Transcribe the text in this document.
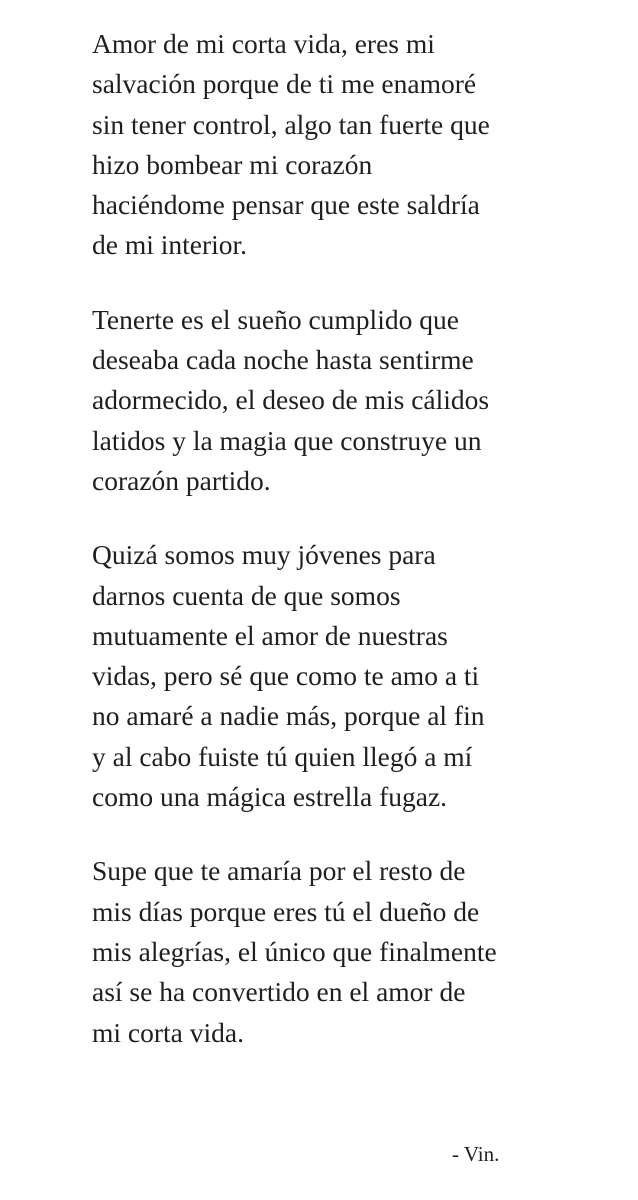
Amor de mi corta vida, eres mi
salvación porque de ti me enamoré
sin tener control, algo tan fuerte que
hizo bombear mi corazón
haciéndome pensar que este saldría
de mi interior.
Tenerte es el sueño cumplido que
deseaba cada noche hasta sentirme
adormecido, el deseo de mis cálidos
latidos y la magia que construye un
corazón partido.
Quizá somos muy jóvenes para
darnos cuenta de que somos
mutuamente el amor de nuestras
vidas, pero sé que como te amo a ti
no amaré a nadie más, porque al fin
y al cabo fuiste tú quien llegó a mí
como una mágica estrella fugaz.
Supe que te amaría por el resto de
mis días porque eres tú el dueño de
mis alegrías, el único que finalmente
así se ha convertido en el amor de
mi corta vida.
- Vin.
